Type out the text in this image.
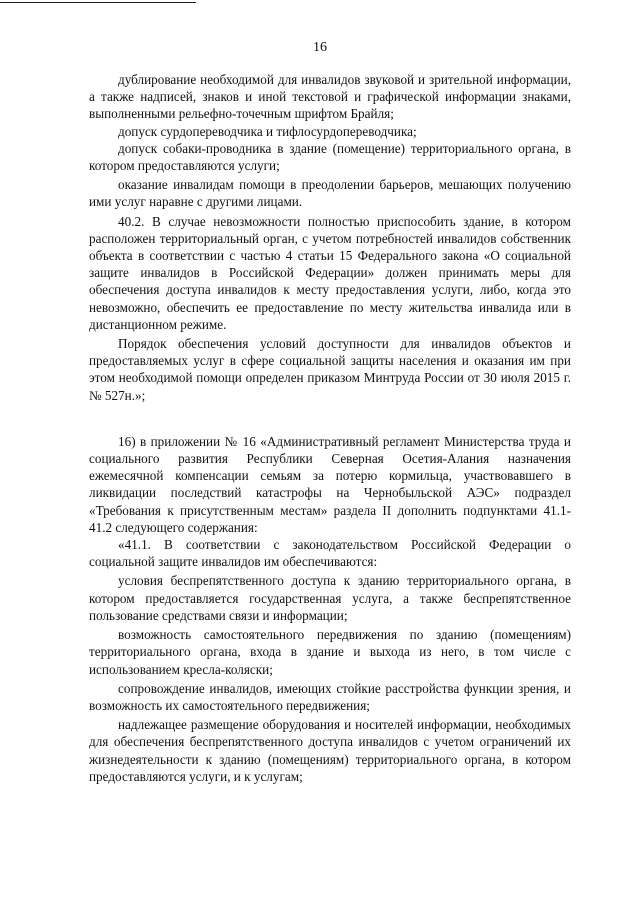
16

дублирование необходимой для инвалидов звуковой и зрительной информации, а также надписей, знаков и иной текстовой и графической информации знаками, выполненными рельефно-точечным шрифтом Брайля;

допуск сурдопереводчика и тифлосурдопереводчика;

допуск собаки-проводника в здание (помещение) территориального органа, в котором предоставляются услуги;

оказание инвалидам помощи в преодолении барьеров, мешающих получению ими услуг наравне с другими лицами.

40.2. В случае невозможности полностью приспособить здание, в котором расположен территориальный орган, с учетом потребностей инвалидов собственник объекта в соответствии с частью 4 статьи 15 Федерального закона «О социальной защите инвалидов в Российской Федерации» должен принимать меры для обеспечения доступа инвалидов к месту предоставления услуги, либо, когда это невозможно, обеспечить ее предоставление по месту жительства инвалида или в дистанционном режиме.

Порядок обеспечения условий доступности для инвалидов объектов и предоставляемых услуг в сфере социальной защиты населения и оказания им при этом необходимой помощи определен приказом Минтруда России от 30 июля 2015 г. № 527н.»;

16) в приложении № 16 «Административный регламент Министерства труда и социального развития Республики Северная Осетия-Алания назначения ежемесячной компенсации семьям за потерю кормильца, участвовавшего в ликвидации последствий катастрофы на Чернобыльской АЭС» подраздел «Требования к присутственным местам» раздела II дополнить подпунктами 41.1- 41.2 следующего содержания:

«41.1. В соответствии с законодательством Российской Федерации о социальной защите инвалидов им обеспечиваются:

условия беспрепятственного доступа к зданию территориального органа, в котором предоставляется государственная услуга, а также беспрепятственное пользование средствами связи и информации;

возможность самостоятельного передвижения по зданию (помещениям) территориального органа, входа в здание и выхода из него, в том числе с использованием кресла-коляски;

сопровождение инвалидов, имеющих стойкие расстройства функции зрения, и возможность их самостоятельного передвижения;

надлежащее размещение оборудования и носителей информации, необходимых для обеспечения беспрепятственного доступа инвалидов с учетом ограничений их жизнедеятельности к зданию (помещениям) территориального органа, в котором предоставляются услуги, и к услугам;
